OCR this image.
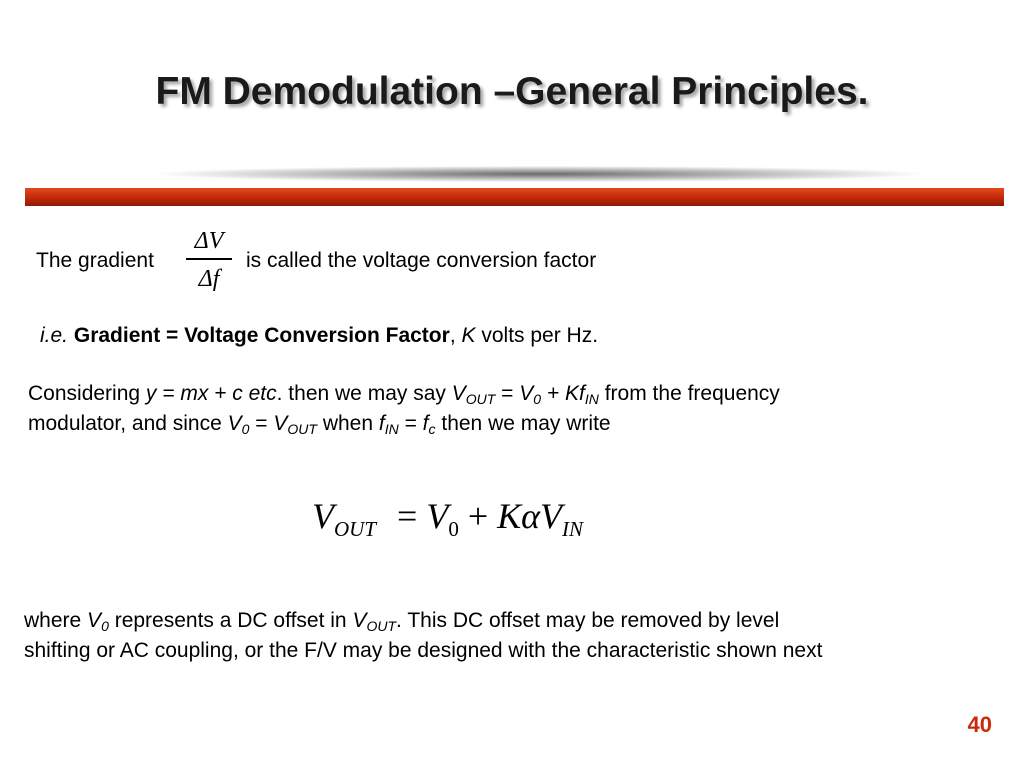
FM Demodulation –General Principles.
The gradient
ΔV
Δf
is called the voltage conversion factor
i.e. Gradient = Voltage Conversion Factor, K volts per Hz.
Considering y = mx + c etc. then we may say $V_{OUT} = V_0 + Kf_{IN}$ from the frequency
modulator, and since $V_0 = V_{OUT}$ when $f_{IN} = f_c$ then we may write
$V_{OUT} = V_0 + K\alpha V_{IN}$
where $V_0$ represents a DC offset in $V_{OUT}$. This DC offset may be removed by level
shifting or AC coupling, or the F/V may be designed with the characteristic shown next
40
